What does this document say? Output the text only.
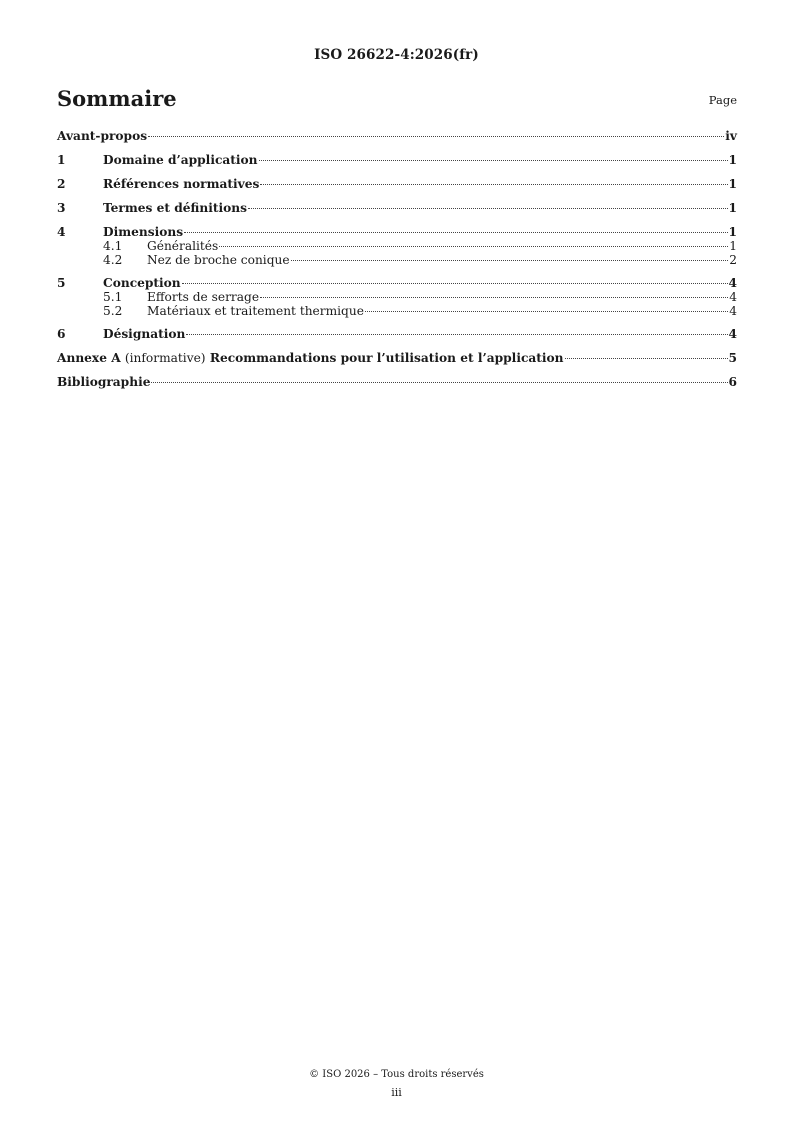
ISO 26622-4:2026(fr)
Sommaire	Page
Avant-propos	iv
1	Domaine d’application	1
2	Références normatives	1
3	Termes et définitions	1
4	Dimensions	1
4.1	Généralités	1
4.2	Nez de broche conique	2
5	Conception	4
5.1	Efforts de serrage	4
5.2	Matériaux et traitement thermique	4
6	Désignation	4
Annexe A (informative) Recommandations pour l’utilisation et l’application	5
Bibliographie	6
© ISO 2026 – Tous droits réservés
iii
